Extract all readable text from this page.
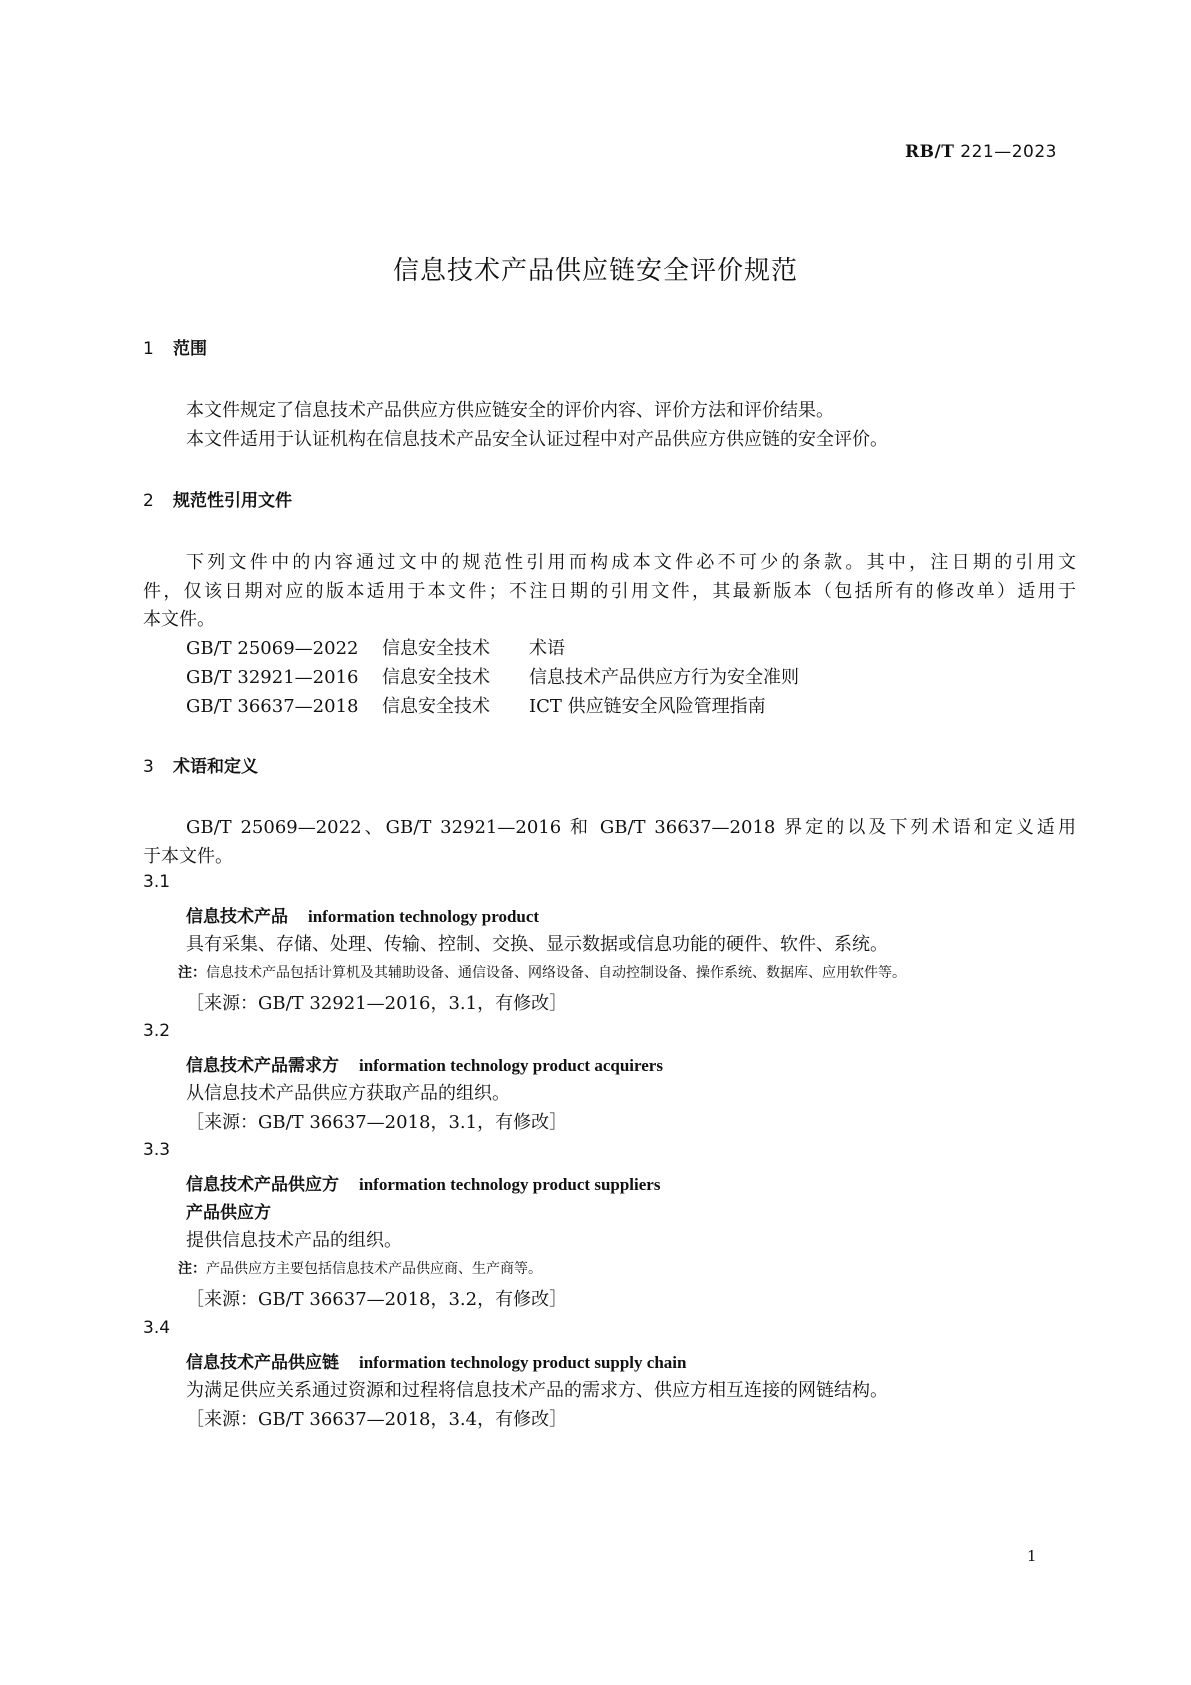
RB/T 221—2023
信息技术产品供应链安全评价规范
1 范围
本文件规定了信息技术产品供应方供应链安全的评价内容、评价方法和评价结果。
本文件适用于认证机构在信息技术产品安全认证过程中对产品供应方供应链的安全评价。
2 规范性引用文件
下列文件中的内容通过文中的规范性引用而构成本文件必不可少的条款。其中，注日期的引用文
件，仅该日期对应的版本适用于本文件；不注日期的引用文件，其最新版本（包括所有的修改单）适用于
本文件。
GB/T 25069—2022 信息安全技术 术语
GB/T 32921—2016 信息安全技术 信息技术产品供应方行为安全准则
GB/T 36637—2018 信息安全技术 ICT 供应链安全风险管理指南
3 术语和定义
GB/T 25069—2022、GB/T 32921—2016 和 GB/T 36637—2018 界定的以及下列术语和定义适用
于本文件。
3.1
信息技术产品 information technology product
具有采集、存储、处理、传输、控制、交换、显示数据或信息功能的硬件、软件、系统。
注：信息技术产品包括计算机及其辅助设备、通信设备、网络设备、自动控制设备、操作系统、数据库、应用软件等。
［来源：GB/T 32921—2016，3.1，有修改］
3.2
信息技术产品需求方 information technology product acquirers
从信息技术产品供应方获取产品的组织。
［来源：GB/T 36637—2018，3.1，有修改］
3.3
信息技术产品供应方 information technology product suppliers
产品供应方
提供信息技术产品的组织。
注：产品供应方主要包括信息技术产品供应商、生产商等。
［来源：GB/T 36637—2018，3.2，有修改］
3.4
信息技术产品供应链 information technology product supply chain
为满足供应关系通过资源和过程将信息技术产品的需求方、供应方相互连接的网链结构。
［来源：GB/T 36637—2018，3.4，有修改］
1
